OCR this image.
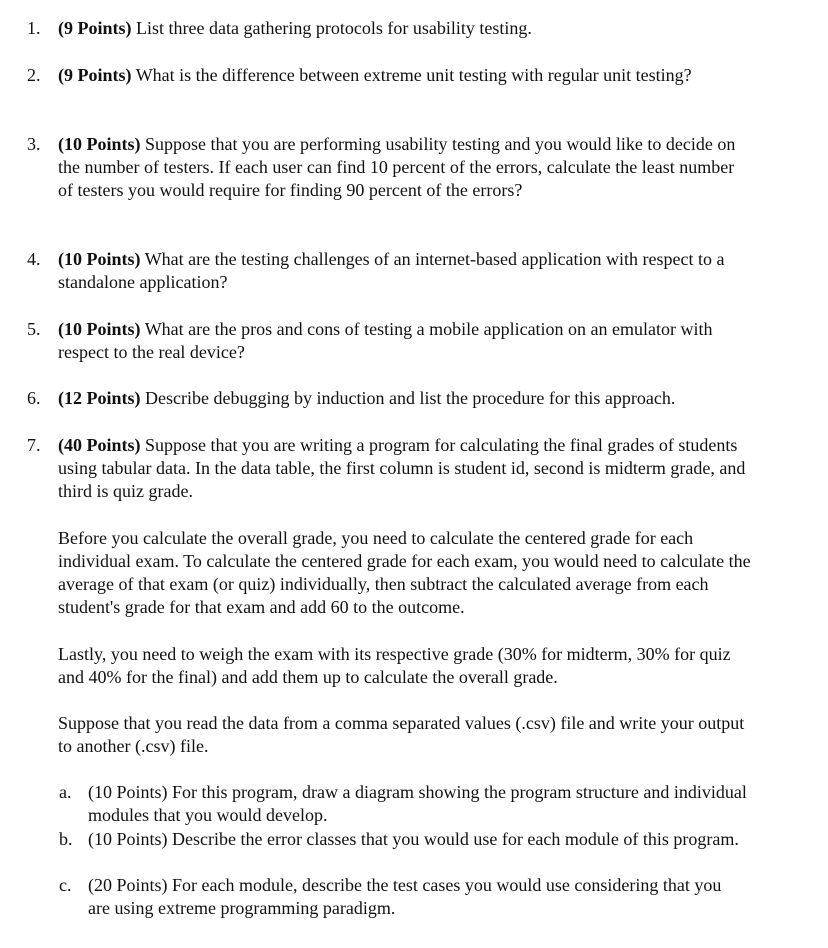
1. (9 Points) List three data gathering protocols for usability testing.
2. (9 Points) What is the difference between extreme unit testing with regular unit testing?
3. (10 Points) Suppose that you are performing usability testing and you would like to decide on the number of testers. If each user can find 10 percent of the errors, calculate the least number of testers you would require for finding 90 percent of the errors?
4. (10 Points) What are the testing challenges of an internet-based application with respect to a standalone application?
5. (10 Points) What are the pros and cons of testing a mobile application on an emulator with respect to the real device?
6. (12 Points) Describe debugging by induction and list the procedure for this approach.
7. (40 Points) Suppose that you are writing a program for calculating the final grades of students using tabular data. In the data table, the first column is student id, second is midterm grade, and third is quiz grade.
Before you calculate the overall grade, you need to calculate the centered grade for each individual exam. To calculate the centered grade for each exam, you would need to calculate the average of that exam (or quiz) individually, then subtract the calculated average from each student's grade for that exam and add 60 to the outcome.
Lastly, you need to weigh the exam with its respective grade (30% for midterm, 30% for quiz and 40% for the final) and add them up to calculate the overall grade.
Suppose that you read the data from a comma separated values (.csv) file and write your output to another (.csv) file.
a. (10 Points) For this program, draw a diagram showing the program structure and individual modules that you would develop.
b. (10 Points) Describe the error classes that you would use for each module of this program.
c. (20 Points) For each module, describe the test cases you would use considering that you are using extreme programming paradigm.
